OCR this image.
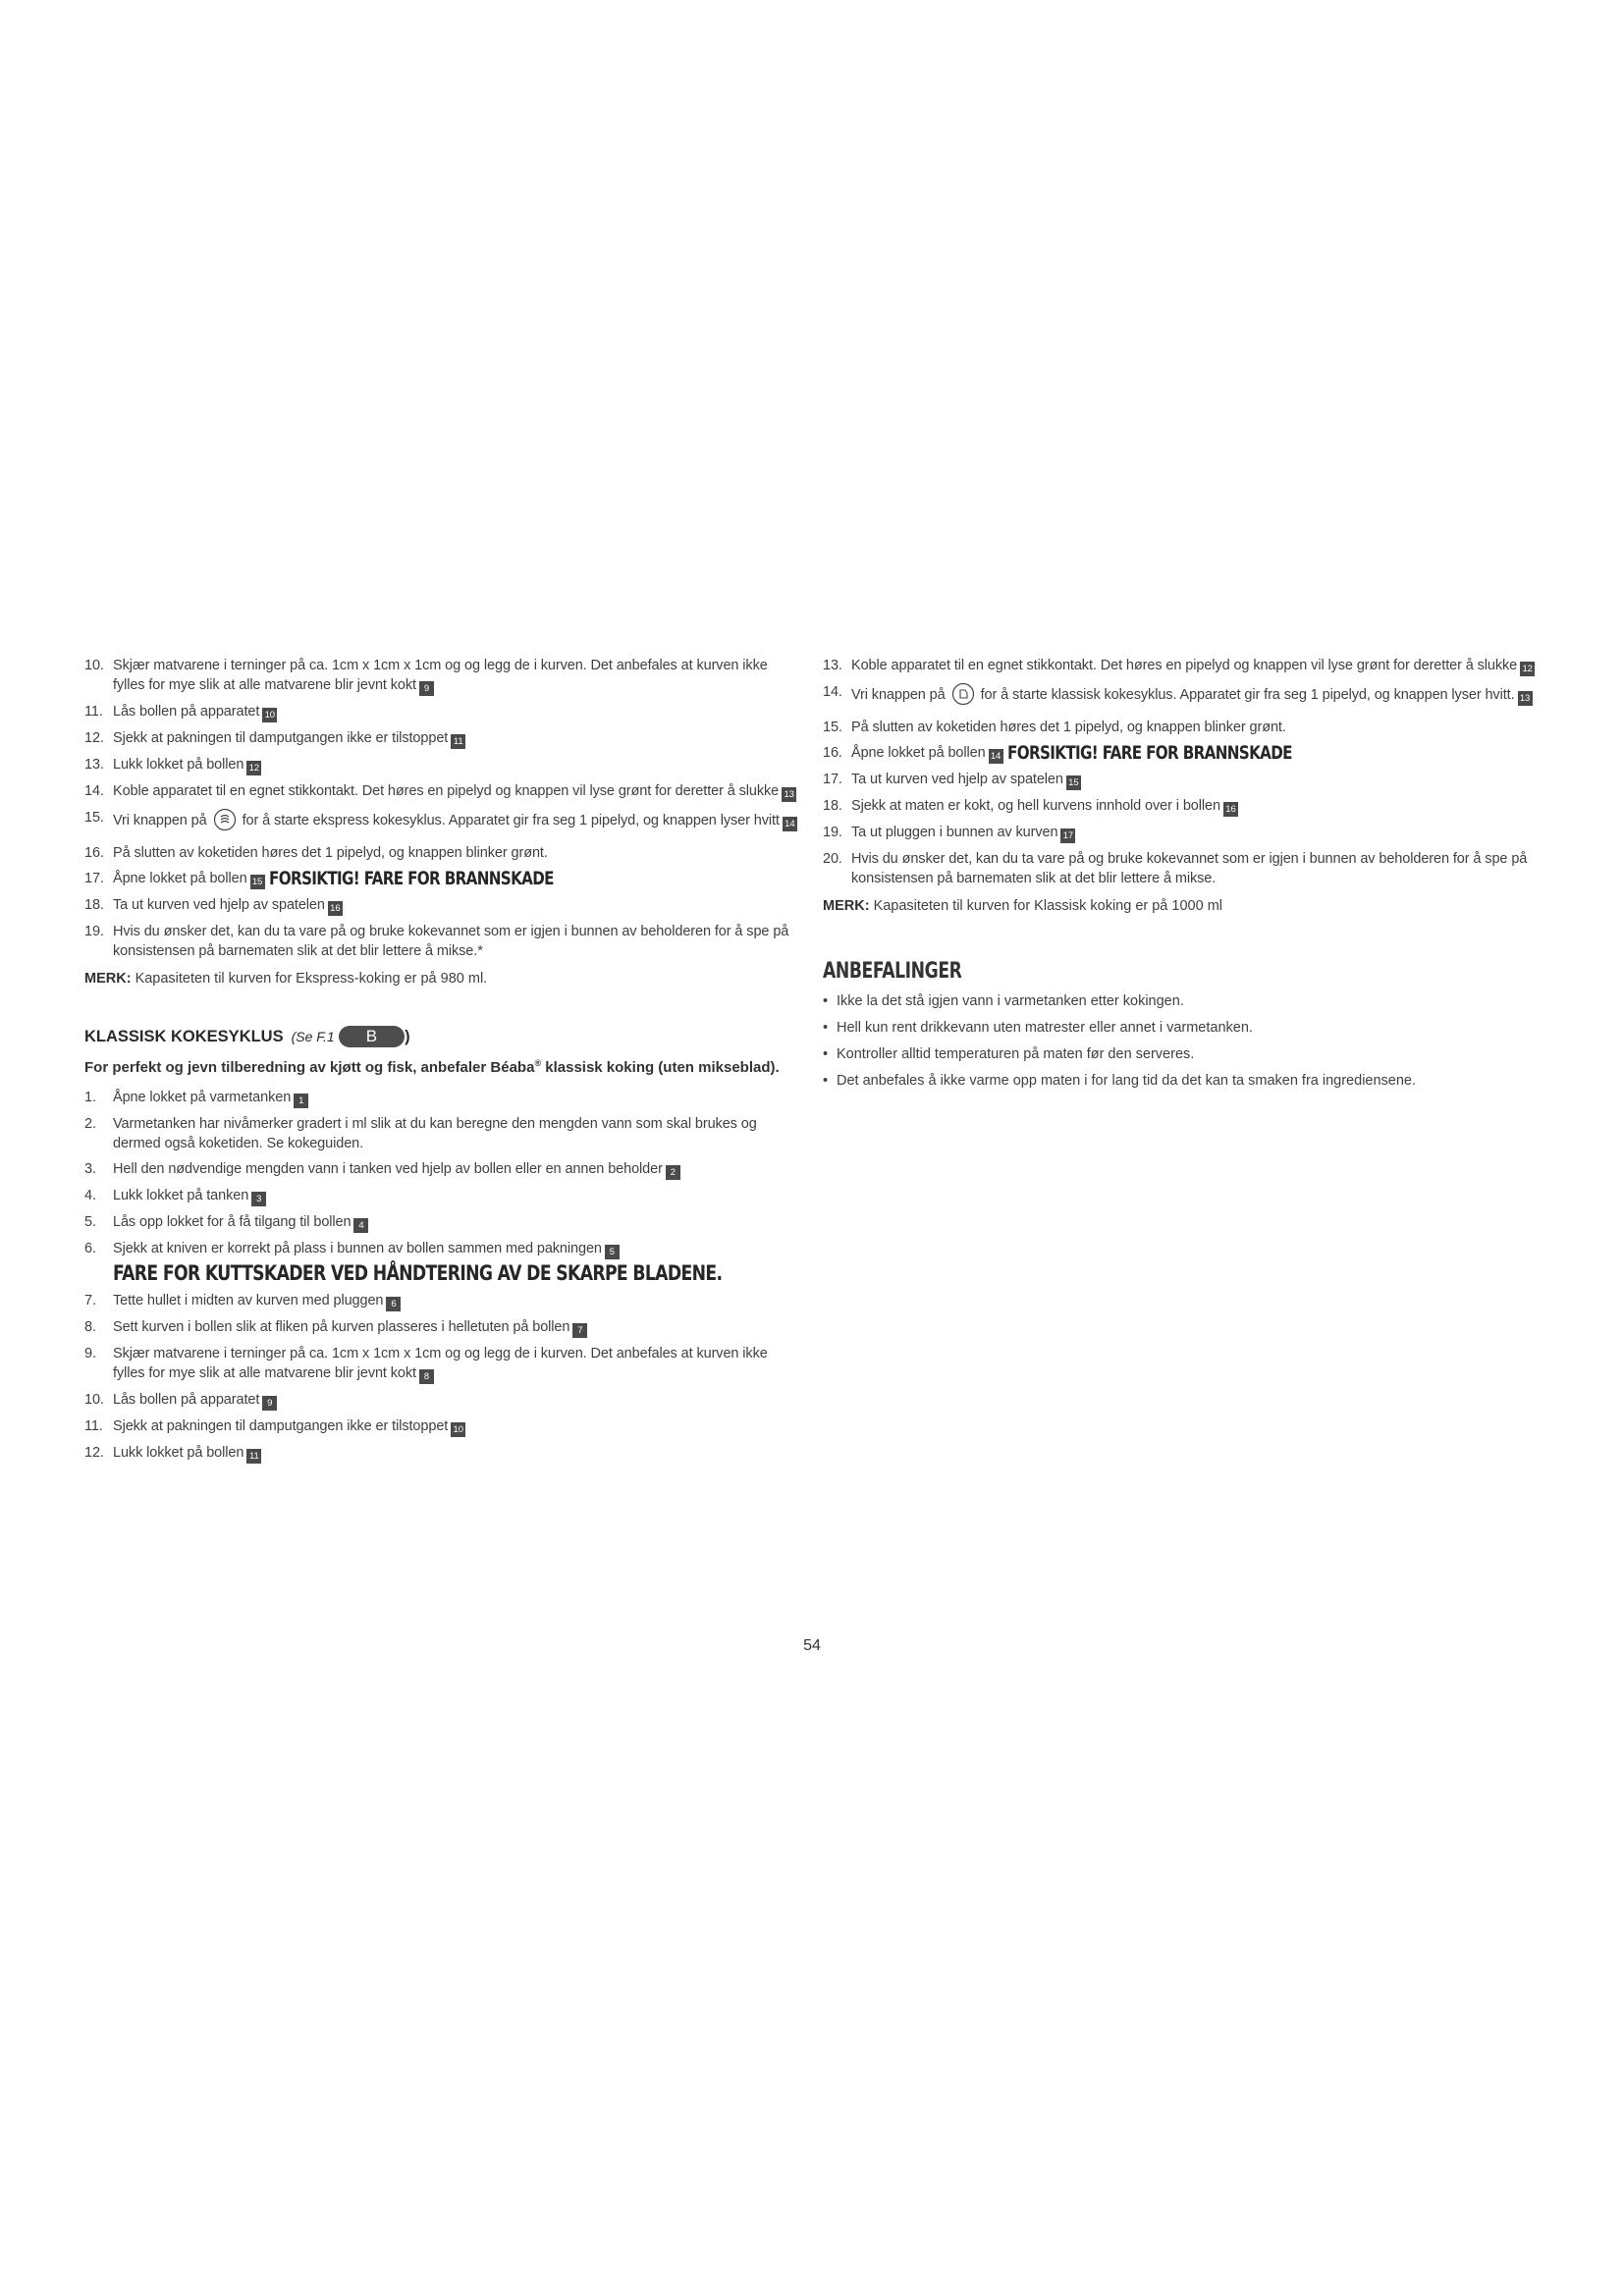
10. Skjær matvarene i terninger på ca. 1cm x 1cm x 1cm og og legg de i kurven. Det anbefales at kurven ikke fylles for mye slik at alle matvarene blir jevnt kokt 9
11. Lås bollen på apparatet 10
12. Sjekk at pakningen til damputgangen ikke er tilstoppet 11
13. Lukk lokket på bollen 12
14. Koble apparatet til en egnet stikkontakt. Det høres en pipelyd og knappen vil lyse grønt for deretter å slukke 13
15. Vri knappen på for å starte ekspress kokesyklus. Apparatet gir fra seg 1 pipelyd, og knappen lyser hvitt 14
16. På slutten av koketiden høres det 1 pipelyd, og knappen blinker grønt.
17. Åpne lokket på bollen 15 FORSIKTIG! FARE FOR BRANNSKADE
18. Ta ut kurven ved hjelp av spatelen 16
19. Hvis du ønsker det, kan du ta vare på og bruke kokevannet som er igjen i bunnen av beholderen for å spe på konsistensen på barnematen slik at det blir lettere å mikse.*
MERK: Kapasiteten til kurven for Ekspress-koking er på 980 ml.
KLASSISK KOKESYKLUS (Se F.1	B	)
For perfekt og jevn tilberedning av kjøtt og fisk, anbefaler Béaba® klassisk koking (uten mikseblad).
1. Åpne lokket på varmetanken 1
2. Varmetanken har nivåmerker gradert i ml slik at du kan beregne den mengden vann som skal brukes og dermed også koketiden. Se kokeguiden.
3. Hell den nødvendige mengden vann i tanken ved hjelp av bollen eller en annen beholder 2
4. Lukk lokket på tanken 3
5. Lås opp lokket for å få tilgang til bollen 4
6. Sjekk at kniven er korrekt på plass i bunnen av bollen sammen med pakningen 5
FARE FOR KUTTSKADER VED HÅNDTERING AV DE SKARPE BLADENE.
7. Tette hullet i midten av kurven med pluggen 6
8. Sett kurven i bollen slik at fliken på kurven plasseres i helletuten på bollen 7
9. Skjær matvarene i terninger på ca. 1cm x 1cm x 1cm og og legg de i kurven. Det anbefales at kurven ikke fylles for mye slik at alle matvarene blir jevnt kokt 8
10. Lås bollen på apparatet 9
11. Sjekk at pakningen til damputgangen ikke er tilstoppet 10
12. Lukk lokket på bollen 11
13. Koble apparatet til en egnet stikkontakt. Det høres en pipelyd og knappen vil lyse grønt for deretter å slukke 12
14. Vri knappen på for å starte klassisk kokesyklus. Apparatet gir fra seg 1 pipelyd, og knappen lyser hvitt. 13
15. På slutten av koketiden høres det 1 pipelyd, og knappen blinker grønt.
16. Åpne lokket på bollen 14 FORSIKTIG! FARE FOR BRANNSKADE
17. Ta ut kurven ved hjelp av spatelen 15
18. Sjekk at maten er kokt, og hell kurvens innhold over i bollen 16
19. Ta ut pluggen i bunnen av kurven 17
20. Hvis du ønsker det, kan du ta vare på og bruke kokevannet som er igjen i bunnen av beholderen for å spe på konsistensen på barnematen slik at det blir lettere å mikse.
MERK: Kapasiteten til kurven for Klassisk koking er på 1000 ml
ANBEFALINGER
• Ikke la det stå igjen vann i varmetanken etter kokingen.
• Hell kun rent drikkevann uten matrester eller annet i varmetanken.
• Kontroller alltid temperaturen på maten før den serveres.
• Det anbefales å ikke varme opp maten i for lang tid da det kan ta smaken fra ingrediensene.
54
